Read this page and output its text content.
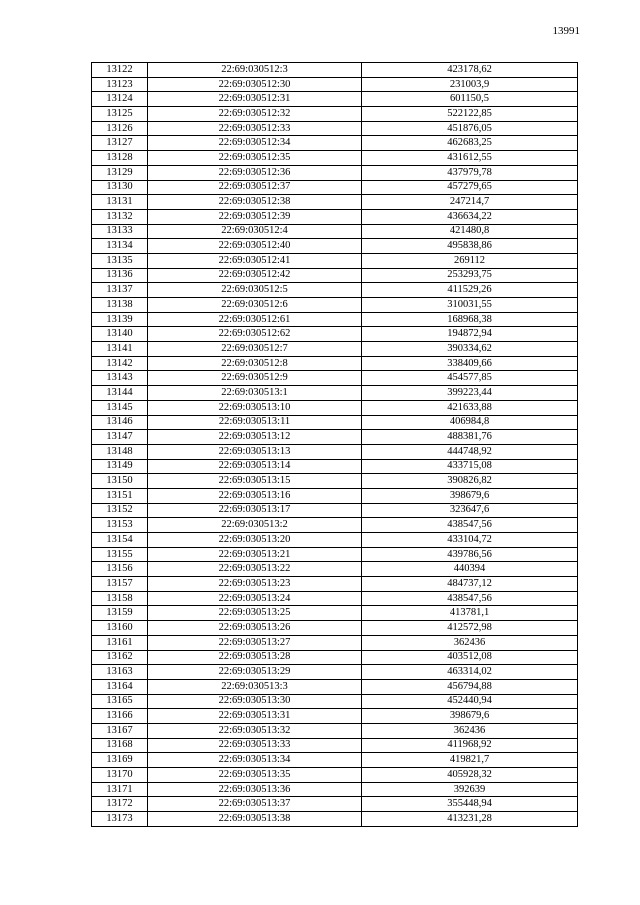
13991
13122	22:69:030512:3	423178,62
13123	22:69:030512:30	231003,9
13124	22:69:030512:31	601150,5
13125	22:69:030512:32	522122,85
13126	22:69:030512:33	451876,05
13127	22:69:030512:34	462683,25
13128	22:69:030512:35	431612,55
13129	22:69:030512:36	437979,78
13130	22:69:030512:37	457279,65
13131	22:69:030512:38	247214,7
13132	22:69:030512:39	436634,22
13133	22:69:030512:4	421480,8
13134	22:69:030512:40	495838,86
13135	22:69:030512:41	269112
13136	22:69:030512:42	253293,75
13137	22:69:030512:5	411529,26
13138	22:69:030512:6	310031,55
13139	22:69:030512:61	168968,38
13140	22:69:030512:62	194872,94
13141	22:69:030512:7	390334,62
13142	22:69:030512:8	338409,66
13143	22:69:030512:9	454577,85
13144	22:69:030513:1	399223,44
13145	22:69:030513:10	421633,88
13146	22:69:030513:11	406984,8
13147	22:69:030513:12	488381,76
13148	22:69:030513:13	444748,92
13149	22:69:030513:14	433715,08
13150	22:69:030513:15	390826,82
13151	22:69:030513:16	398679,6
13152	22:69:030513:17	323647,6
13153	22:69:030513:2	438547,56
13154	22:69:030513:20	433104,72
13155	22:69:030513:21	439786,56
13156	22:69:030513:22	440394
13157	22:69:030513:23	484737,12
13158	22:69:030513:24	438547,56
13159	22:69:030513:25	413781,1
13160	22:69:030513:26	412572,98
13161	22:69:030513:27	362436
13162	22:69:030513:28	403512,08
13163	22:69:030513:29	463314,02
13164	22:69:030513:3	456794,88
13165	22:69:030513:30	452440,94
13166	22:69:030513:31	398679,6
13167	22:69:030513:32	362436
13168	22:69:030513:33	411968,92
13169	22:69:030513:34	419821,7
13170	22:69:030513:35	405928,32
13171	22:69:030513:36	392639
13172	22:69:030513:37	355448,94
13173	22:69:030513:38	413231,28
